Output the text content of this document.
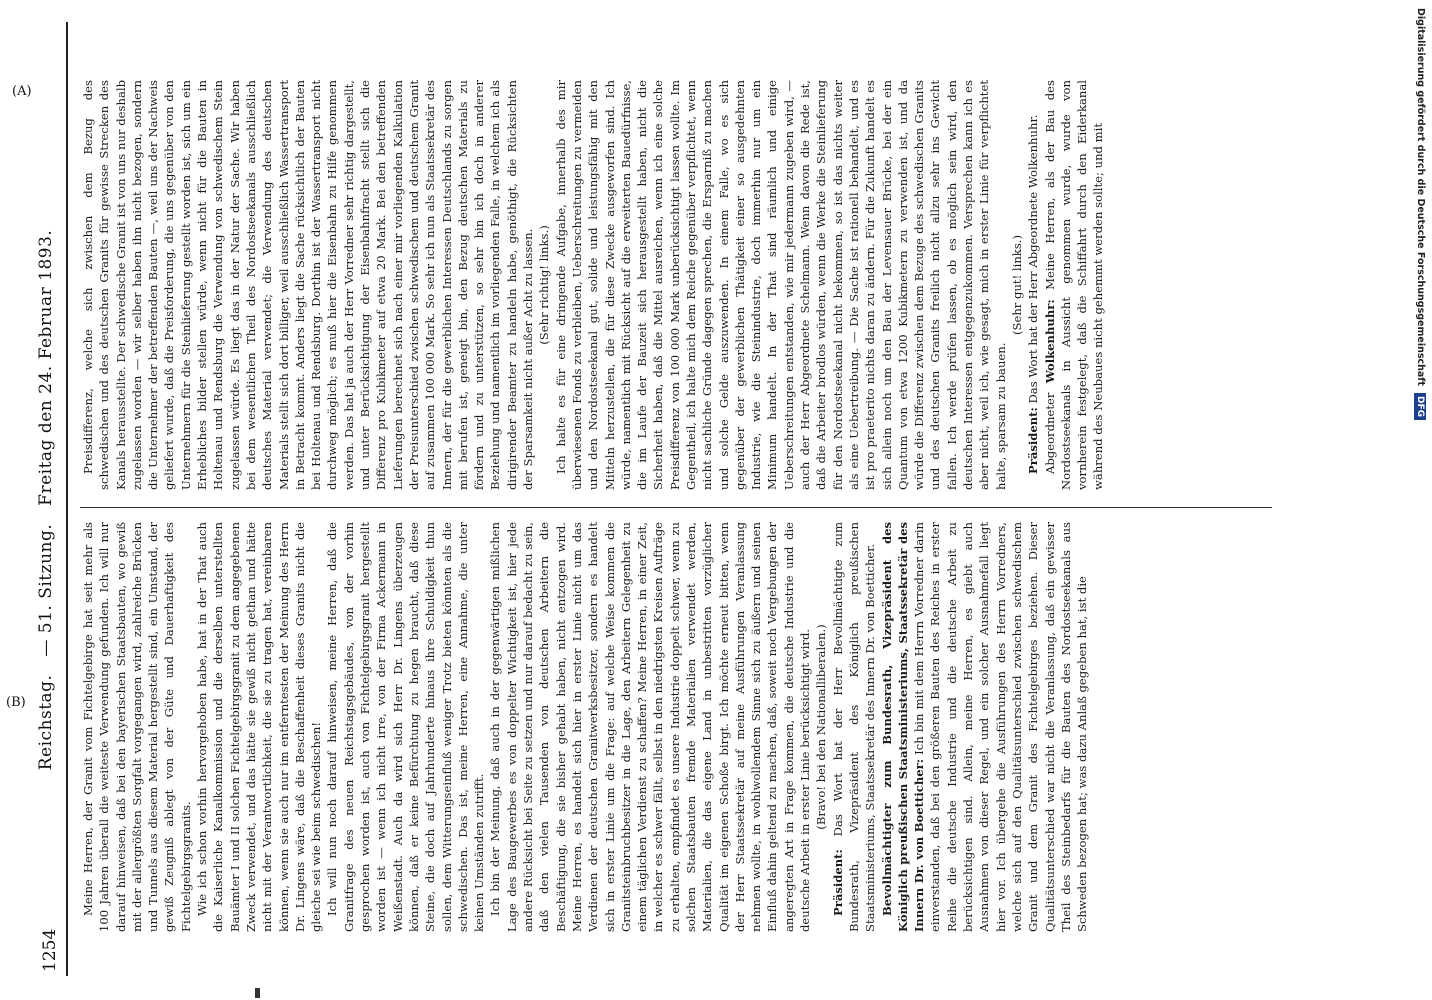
1254
Reichstag. — 51. Sitzung. Freitag den 24. Februar 1893.

Meine Herren, der Granit vom Fichtelgebirge hat seit mehr als 100 Jahren überall die weiteste Verwendung gefunden. Ich will nur darauf hinweisen, daß bei den bayerischen Staatsbauten, wo gewiß mit der allergrößten Sorgfalt vorgegangen wird, zahlreiche Brücken und Tunnels aus diesem Material hergestellt sind, ein Umstand, der gewiß Zeugniß ablegt von der Güte und Dauerhaftigkeit des Fichtelgebirgsgranits. Wie ich schon vorhin hervorgehoben habe, hat in der That auch die Kaiserliche Kanalkommission und die derselben unterstellten Bauämter I und II solchen Fichtelgebirgsgranit zu dem angegebenen Zweck verwendet, und das hätte sie gewiß nicht gethan und hätte nicht mit der Verantwortlichkeit, die sie zu tragen hat, vereinbaren können, wenn sie auch nur im entferntesten der Meinung des Herrn Dr. Lingens wäre, daß die Beschaffenheit dieses Granits nicht die gleiche sei wie beim schwedischen! Ich will nun noch darauf hinweisen, meine Herren, daß die Granitfrage des neuen Reichstagsgebäudes, von der vorhin gesprochen worden ist, auch von Fichtelgebirgsgranit hergestellt worden ist — wenn ich nicht irre, von der Firma Ackermann in Weißenstadt. Auch da wird sich Herr Dr. Lingens überzeugen können, daß er keine Befürchtung zu hegen braucht, daß diese Steine, die doch auf Jahrhunderte hinaus ihre Schuldigkeit thun sollen, dem Witterungseinfluß weniger Trotz bieten könnten als die schwedischen. Das ist, meine Herren, eine Annahme, die unter keinen Umständen zutrifft. Ich bin der Meinung, daß auch in der gegenwärtigen mißlichen Lage des Baugewerbes es von doppelter Wichtigkeit ist, hier jede andere Rücksicht bei Seite zu setzen und nur darauf bedacht zu sein, daß den vielen Tausenden von deutschen Arbeitern die Beschäftigung, die sie bisher gehabt haben, nicht entzogen wird. Meine Herren, es handelt sich hier in erster Linie nicht um das Verdienen der deutschen Granitwerksbesitzer, sondern es handelt sich in erster Linie um die Frage: auf welche Weise kommen die Granitsteinbruchbesitzer in die Lage, den Arbeitern Gelegenheit zu einem täglichen Verdienst zu schaffen? Meine Herren, in einer Zeit, in welcher es schwer fällt, selbst in den niedrigsten Kreisen Aufträge zu erhalten, empfindet es unsere Industrie doppelt schwer, wenn zu solchen Staatsbauten fremde Materialien verwendet werden, Materialien, die das eigene Land in unbestritten vorzüglicher Qualität im eigenen Schoße birgt. Ich möchte erneut bitten, wenn der Herr Staatssekretär auf meine Ausführungen Veranlassung nehmen wollte, in wohlwollendem Sinne sich zu äußern und seinen Einfluß dahin geltend zu machen, daß, soweit noch Vergebungen der angeregten Art in Frage kommen, die deutsche Industrie und die deutsche Arbeit in erster Linie berücksichtigt wird. (Bravo! bei den Nationalliberalen.)

Präsident: Das Wort hat der Herr Bevollmächtigte zum Bundesrath, Vizepräsident des Königlich preußischen Staatsministeriums, Staatssekretär des Innern Dr. von Boetticher. Bevollmächtigter zum Bundesrath, Vizepräsident des Königlich preußischen Staatsministeriums, Staatssekretär des Innern Dr. von Boetticher: Ich bin mit dem Herrn Vorredner darin einverstanden, daß bei den größeren Bauten des Reiches in erster Reihe die deutsche Industrie und die deutsche Arbeit zu berücksichtigen sind. Allein, meine Herren, es giebt auch Ausnahmen von dieser Regel, und ein solcher Ausnahmefall liegt hier vor. Ich übergehe die Ausführungen des Herrn Vorredners, welche sich auf den Qualitätsunterschied zwischen schwedischem Granit und dem Granit des Fichtelgebirges beziehen. Dieser Qualitätsunterschied war nicht die Veranlassung, daß ein gewisser Theil des Steinbedarfs für die Bauten des Nordostseekanals aus Schweden bezogen hat; was dazu Anlaß gegeben hat, ist die

Preisdifferenz, welche sich zwischen dem Bezug des schwedischen und des deutschen Granits für gewisse Strecken des Kanals herausstellte. Der schwedische Granit ist von uns nur deshalb zugelassen worden — wir selber haben ihn nicht bezogen, sondern die Unternehmer der betreffenden Bauten —, weil uns der Nachweis geliefert wurde, daß die Preisforderung, die uns gegenüber von den Unternehmern für die Steinlieferung gestellt worden ist, sich um ein Erhebliches bilder stellen würde, wenn nicht für die Bauten in Holtenau und Rendsburg die Verwendung von schwedischem Stein zugelassen würde. Es liegt das in der Natur der Sache. Wir haben bei dem wesentlichen Theil des Nordostseekanals ausschließlich deutsches Material verwendet; die Verwendung des deutschen Materials stellt sich dort billiger, weil ausschließlich Wassertransport in Betracht kommt. Anders liegt die Sache rücksichtlich der Bauten bei Holtenau und Rendsburg. Dorthin ist der Wassertransport nicht durchweg möglich; es muß hier die Eisenbahn zu Hilfe genommen werden. Das hat ja auch der Herr Vorredner sehr richtig dargestellt, und unter Berücksichtigung der Eisenbahnfracht stellt sich die Differenz pro Kubikmeter auf etwa 20 Mark. Bei den betreffenden Lieferungen berechnet sich nach einer mir vorliegenden Kalkulation der Preisunterschied zwischen schwedischem und deutschem Granit auf zusammen 100 000 Mark. So sehr ich nun als Staatssekretär des Innern, der für die gewerblichen Interessen Deutschlands zu sorgen mit berufen ist, geneigt bin, den Bezug deutschen Materials zu fördern und zu unterstützen, so sehr bin ich doch in anderer Beziehung und namentlich im vorliegenden Falle, in welchem ich als dirigirender Beamter zu handeln habe, genöthigt, die Rücksichten der Sparsamkeit nicht außer Acht zu lassen. (Sehr richtig! links.) Ich halte es für eine dringende Aufgabe, innerhalb des mir überwiesenen Fonds zu verbleiben, Ueberschreitungen zu vermeiden und den Nordostseekanal gut, solide und leistungsfähig mit den Mitteln herzustellen, die für diese Zwecke ausgeworfen sind. Ich würde, namentlich mit Rücksicht auf die erweiterten Bauedürfnisse, die im Laufe der Bauzeit sich herausgestellt haben, nicht die Sicherheit haben, daß die Mittel ausreichen, wenn ich eine solche Preisdifferenz von 100 000 Mark unberücksichtigt lassen wollte. Im Gegentheil, ich halte mich dem Reiche gegenüber verpflichtet, wenn nicht sachliche Gründe dagegen sprechen, die Ersparniß zu machen und solche Gelde auszuwenden. In einem Falle, wo es sich gegenüber der gewerblichen Thätigkeit einer so ausgedehnten Industrie, wie die Steinindustrie, doch immerhin nur um ein Minimum handelt. In der That sind räumlich und einige Ueberschreitungen entstanden, wie mir jedermann zugeben wird, — auch der Herr Abgeordnete Schelmann. Wenn davon die Rede ist, daß die Arbeiter brodlos würden, wenn die Werke die Steinlieferung für den Nordostseekanal nicht bekommen, so ist das nichts weiter als eine Uebertreibung. — Die Sache ist rationell behandelt, und es ist pro praeterito nichts daran zu ändern. Für die Zukunft handelt es sich allein noch um den Bau der Levensauer Brücke, bei der ein Quantum von etwa 1200 Kubikmetern zu verwenden ist, und da würde die Differenz zwischen dem Bezuge des schwedischen Granits und des deutschen Granits freilich nicht allzu sehr ins Gewicht fallen. Ich werde prüfen lassen, ob es möglich sein wird, den deutschen Interessen entgegenzukommen. Versprechen kann ich es aber nicht, weil ich, wie gesagt, mich in erster Linie für verpflichtet halte, sparsam zu bauen.

(Sehr gut! links.)

Präsident: Das Wort hat der Herr Abgeordnete Wolkenhuhr.

Abgeordneter Wolkenhuhr: Meine Herren, als der Bau des Nordostseekanals in Aussicht genommen wurde, wurde von vornherein festgelegt, daß die Schiffahrt durch den Eiderkanal während des Neubaues nicht gehemmt werden sollte; und mit

(A)
(B)
Digitalisierung gefördert durch die Deutsche Forschungsgemeinschaft DFG
